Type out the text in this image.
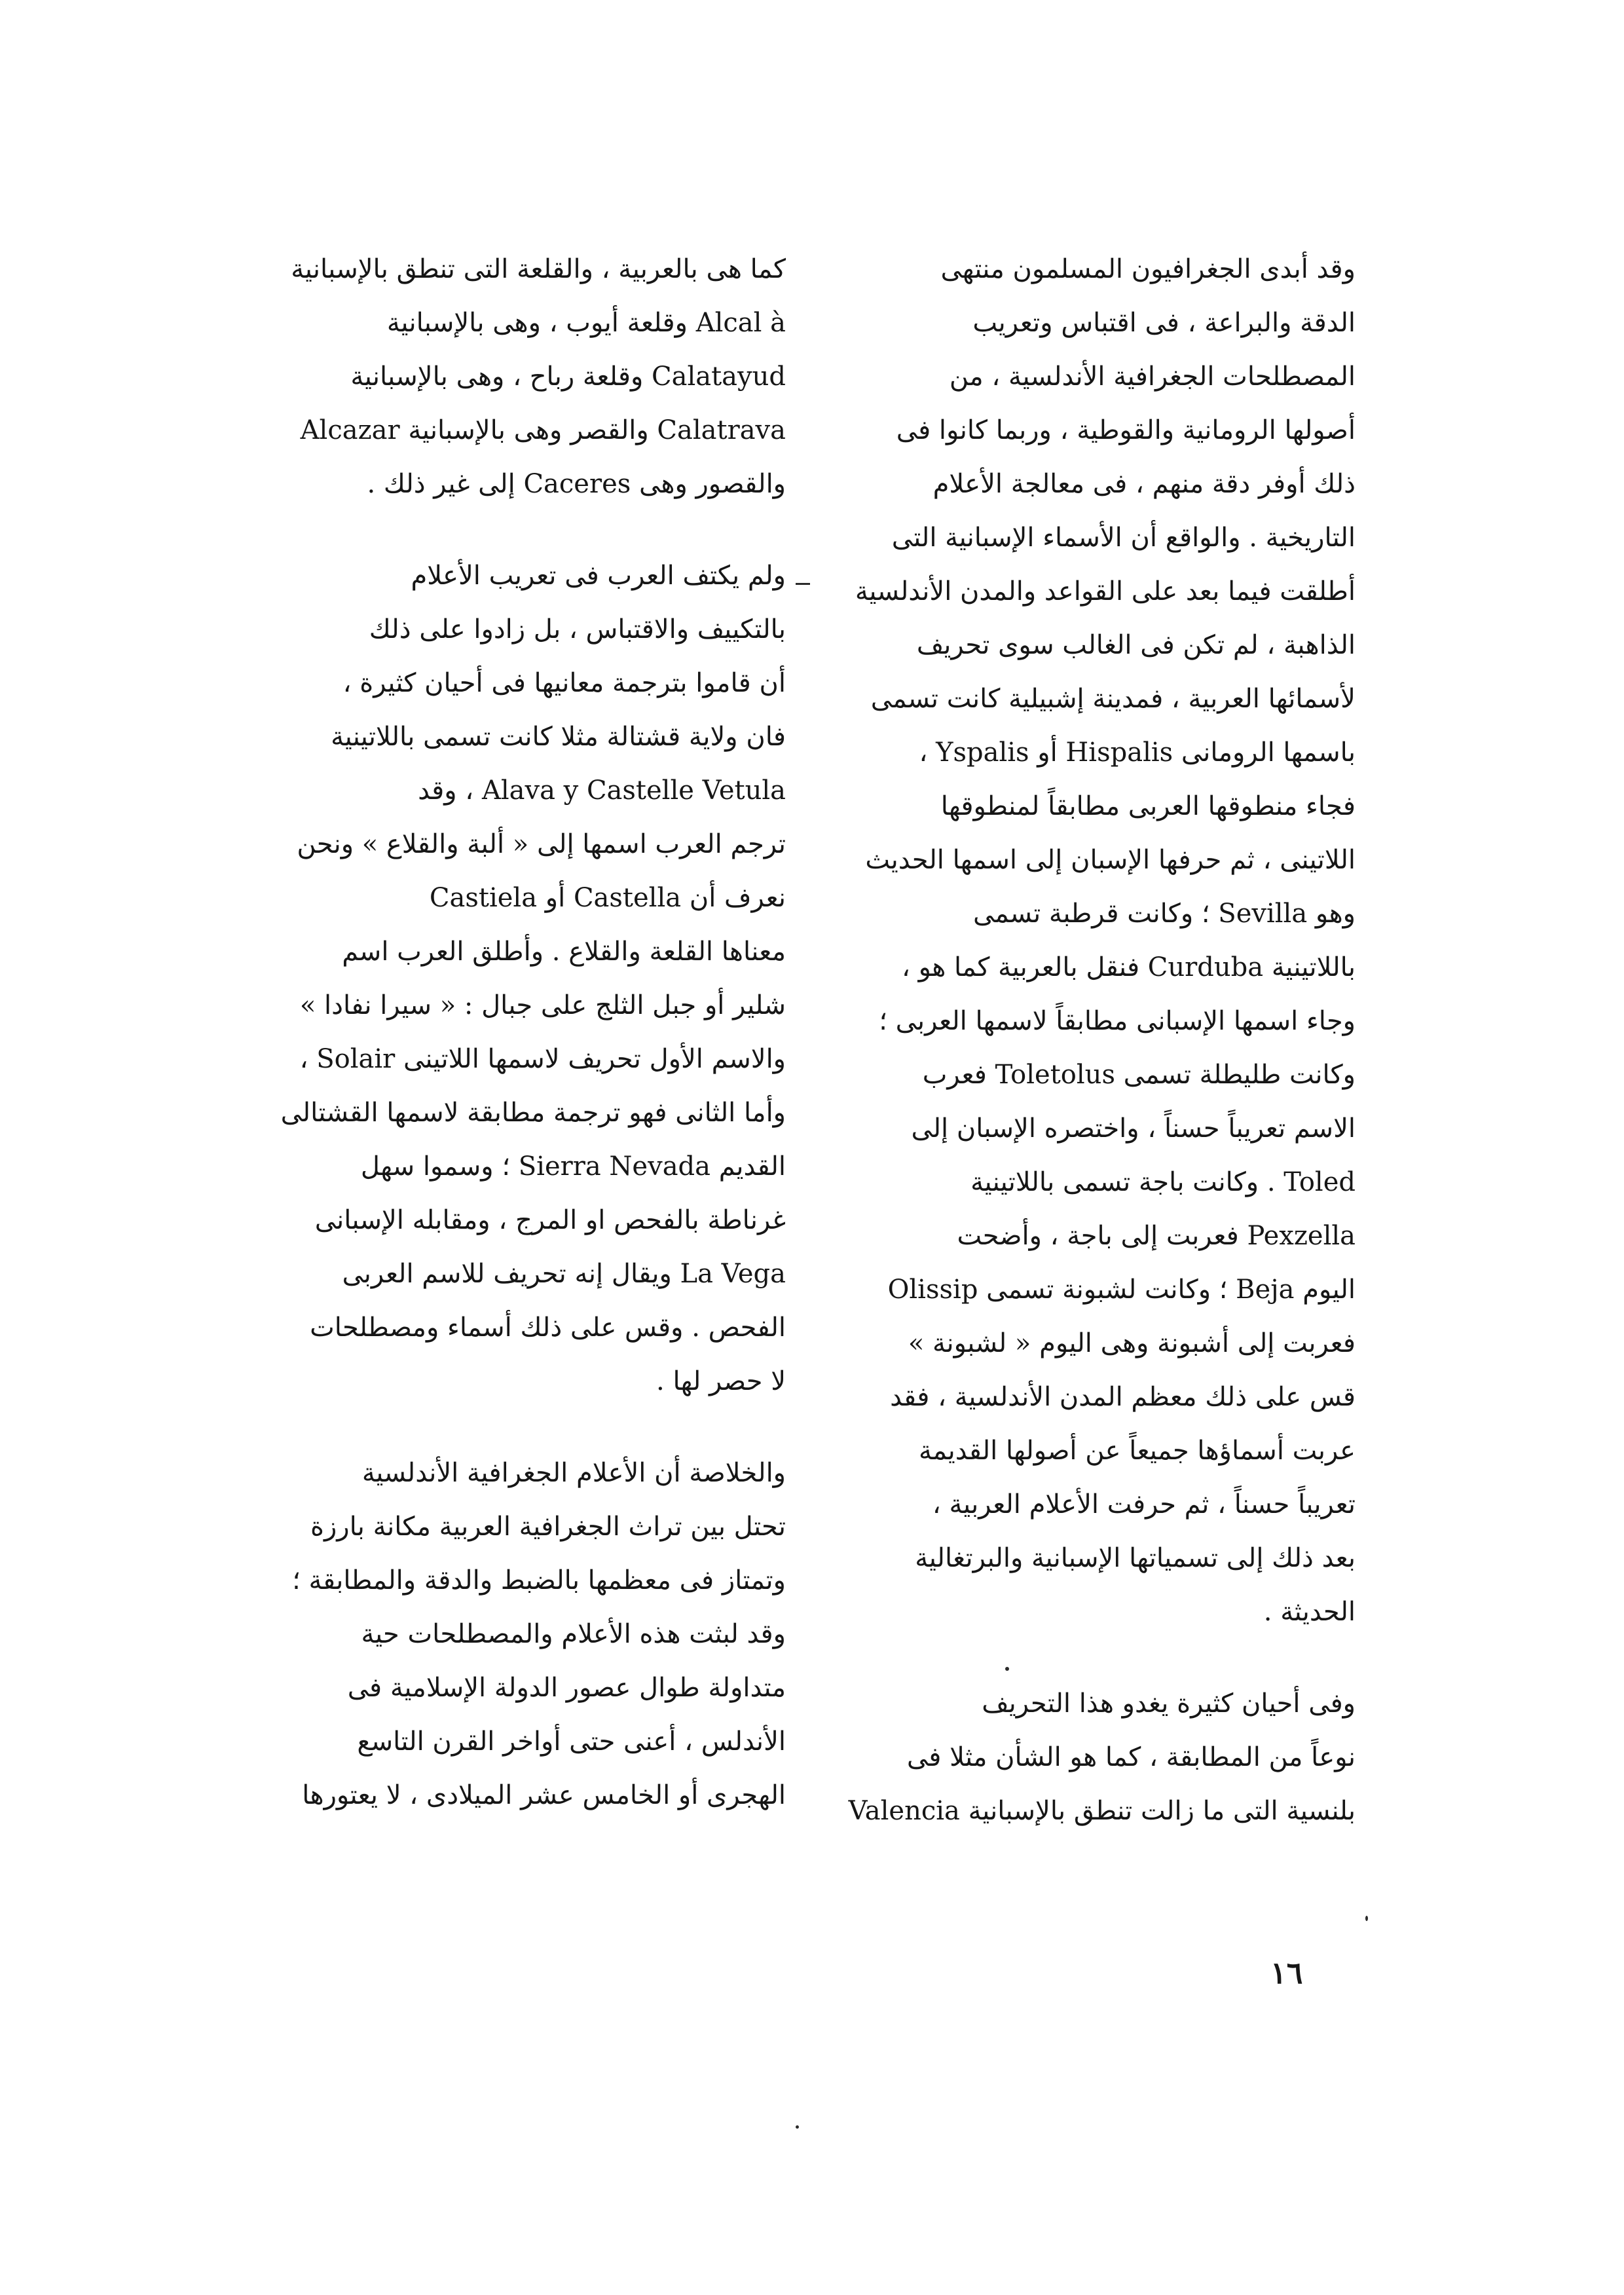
وقد أبدى الجغرافيون المسلمون منتهى
الدقة والبراعة ، فى اقتباس وتعريب
المصطلحات الجغرافية الأندلسية ، من
أصولها الرومانية والقوطية ، وربما كانوا فى
ذلك أوفر دقة منهم ، فى معالجة الأعلام
التاريخية . والواقع أن الأسماء الإسبانية التى
أطلقت فيما بعد على القواعد والمدن الأندلسية
الذاهبة ، لم تكن فى الغالب سوى تحريف
لأسمائها العربية ، فمدينة إشبيلية كانت تسمى
باسمها الرومانى Hispalis أو Yspalis ،
فجاء منطوقها العربى مطابقاً لمنطوقها
اللاتينى ، ثم حرفها الإسبان إلى اسمها الحديث
وهو Sevilla ؛ وكانت قرطبة تسمى
باللاتينية Curduba فنقل بالعربية كما هو ،
وجاء اسمها الإسبانى مطابقاً لاسمها العربى ؛
وكانت طليطلة تسمى Toletolus فعرب
الاسم تعريباً حسناً ، واختصره الإسبان إلى
Toled . وكانت باجة تسمى باللاتينية
Pexzella فعربت إلى باجة ، وأضحت
اليوم Beja ؛ وكانت لشبونة تسمى Olissip
فعربت إلى أشبونة وهى اليوم « لشبونة »
قس على ذلك معظم المدن الأندلسية ، فقد
عربت أسماؤها جميعاً عن أصولها القديمة
تعريباً حسناً ، ثم حرفت الأعلام العربية ،
بعد ذلك إلى تسمياتها الإسبانية والبرتغالية
الحديثة .
وفى أحيان كثيرة يغدو هذا التحريف
نوعاً من المطابقة ، كما هو الشأن مثلا فى
بلنسية التى ما زالت تنطق بالإسبانية Valencia
كما هى بالعربية ، والقلعة التى تنطق بالإسبانية
Alcal à وقلعة أيوب ، وهى بالإسبانية
Calatayud وقلعة رباح ، وهى بالإسبانية
Calatrava والقصر وهى بالإسبانية Alcazar
والقصور وهى Caceres إلى غير ذلك .
ولم يكتف العرب فى تعريب الأعلام
بالتكييف والاقتباس ، بل زادوا على ذلك
أن قاموا بترجمة معانيها فى أحيان كثيرة ،
فان ولاية قشتالة مثلا كانت تسمى باللاتينية
Alava y Castelle Vetula ، وقد
ترجم العرب اسمها إلى « ألبة والقلاع » ونحن
نعرف أن Castella أو Castiela
معناها القلعة والقلاع . وأطلق العرب اسم
شلير أو جبل الثلج على جبال : « سيرا نفادا »
والاسم الأول تحريف لاسمها اللاتينى Solair ،
وأما الثانى فهو ترجمة مطابقة لاسمها القشتالى
القديم Sierra Nevada ؛ وسموا سهل
غرناطة بالفحص او المرج ، ومقابله الإسبانى
La Vega ويقال إنه تحريف للاسم العربى
الفحص . وقس على ذلك أسماء ومصطلحات
لا حصر لها .
والخلاصة أن الأعلام الجغرافية الأندلسية
تحتل بين تراث الجغرافية العربية مكانة بارزة
وتمتاز فى معظمها بالضبط والدقة والمطابقة ؛
وقد لبثت هذه الأعلام والمصطلحات حية
متداولة طوال عصور الدولة الإسلامية فى
الأندلس ، أعنى حتى أواخر القرن التاسع
الهجرى أو الخامس عشر الميلادى ، لا يعتورها
١٦
